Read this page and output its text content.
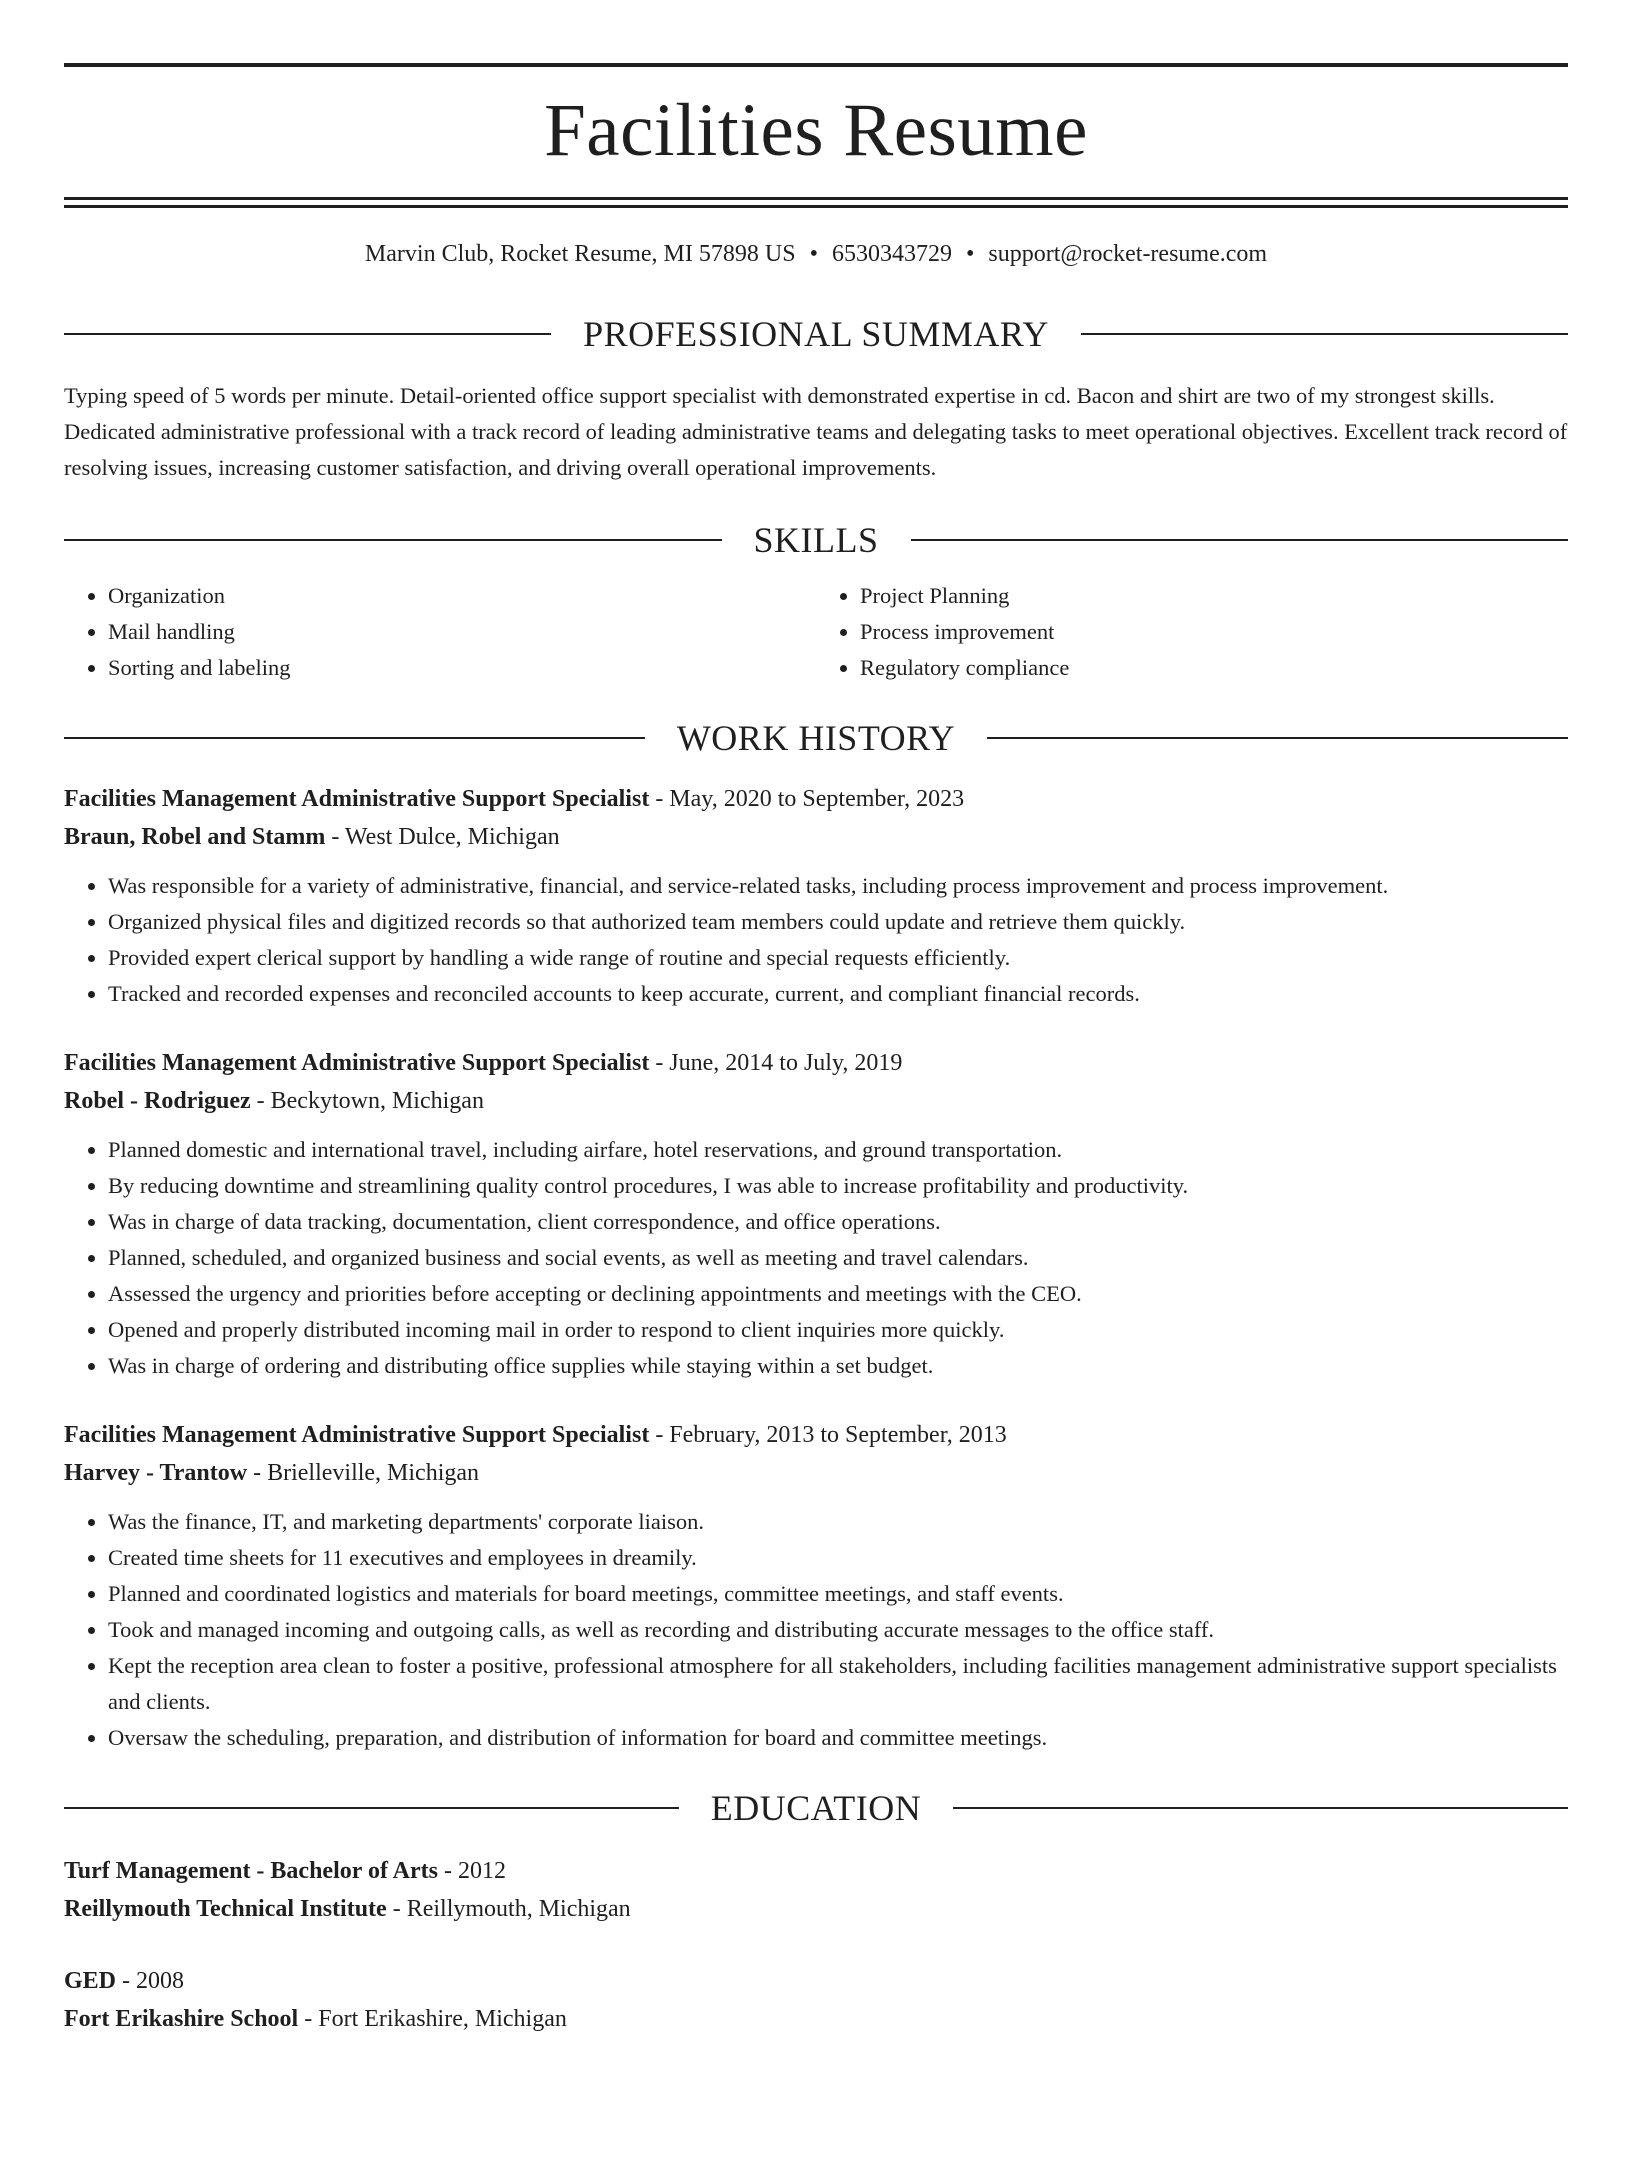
Facilities Resume
Marvin Club, Rocket Resume, MI 57898 US • 6530343729 • support@rocket-resume.com
PROFESSIONAL SUMMARY
Typing speed of 5 words per minute. Detail-oriented office support specialist with demonstrated expertise in cd. Bacon and shirt are two of my strongest skills. Dedicated administrative professional with a track record of leading administrative teams and delegating tasks to meet operational objectives. Excellent track record of resolving issues, increasing customer satisfaction, and driving overall operational improvements.
SKILLS
• Organization
• Mail handling
• Sorting and labeling
• Project Planning
• Process improvement
• Regulatory compliance
WORK HISTORY
Facilities Management Administrative Support Specialist - May, 2020 to September, 2023
Braun, Robel and Stamm - West Dulce, Michigan
• Was responsible for a variety of administrative, financial, and service-related tasks, including process improvement and process improvement.
• Organized physical files and digitized records so that authorized team members could update and retrieve them quickly.
• Provided expert clerical support by handling a wide range of routine and special requests efficiently.
• Tracked and recorded expenses and reconciled accounts to keep accurate, current, and compliant financial records.
Facilities Management Administrative Support Specialist - June, 2014 to July, 2019
Robel - Rodriguez - Beckytown, Michigan
• Planned domestic and international travel, including airfare, hotel reservations, and ground transportation.
• By reducing downtime and streamlining quality control procedures, I was able to increase profitability and productivity.
• Was in charge of data tracking, documentation, client correspondence, and office operations.
• Planned, scheduled, and organized business and social events, as well as meeting and travel calendars.
• Assessed the urgency and priorities before accepting or declining appointments and meetings with the CEO.
• Opened and properly distributed incoming mail in order to respond to client inquiries more quickly.
• Was in charge of ordering and distributing office supplies while staying within a set budget.
Facilities Management Administrative Support Specialist - February, 2013 to September, 2013
Harvey - Trantow - Brielleville, Michigan
• Was the finance, IT, and marketing departments' corporate liaison.
• Created time sheets for 11 executives and employees in dreamily.
• Planned and coordinated logistics and materials for board meetings, committee meetings, and staff events.
• Took and managed incoming and outgoing calls, as well as recording and distributing accurate messages to the office staff.
• Kept the reception area clean to foster a positive, professional atmosphere for all stakeholders, including facilities management administrative support specialists and clients.
• Oversaw the scheduling, preparation, and distribution of information for board and committee meetings.
EDUCATION
Turf Management - Bachelor of Arts - 2012
Reillymouth Technical Institute - Reillymouth, Michigan
GED - 2008
Fort Erikashire School - Fort Erikashire, Michigan
